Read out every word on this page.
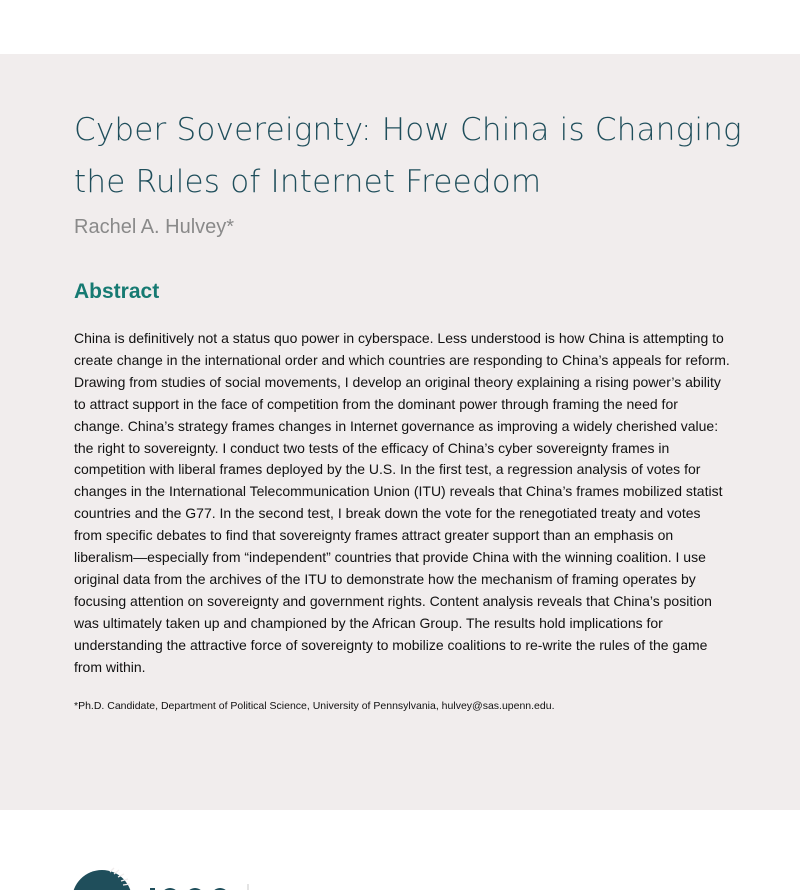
Cyber Sovereignty: How China is Changing the Rules of Internet Freedom

Rachel A. Hulvey*

Abstract

China is definitively not a status quo power in cyberspace. Less understood is how China is attempting to create change in the international order and which countries are responding to China’s appeals for reform. Drawing from studies of social movements, I develop an original theory explaining a rising power’s ability to attract support in the face of competition from the dominant power through framing the need for change. China’s strategy frames changes in Internet governance as improving a widely cherished value: the right to sovereignty. I conduct two tests of the efficacy of China’s cyber sovereignty frames in competition with liberal frames deployed by the U.S. In the first test, a regression analysis of votes for changes in the International Telecommunication Union (ITU) reveals that China’s frames mobilized statist countries and the G77. In the second test, I break down the vote for the renegotiated treaty and votes from specific debates to find that sovereignty frames attract greater support than an emphasis on liberalism—especially from “independent” countries that provide China with the winning coalition. I use original data from the archives of the ITU to demonstrate how the mechanism of framing operates by focusing attention on sovereignty and government rights. Content analysis reveals that China’s position was ultimately taken up and championed by the African Group. The results hold implications for understanding the attractive force of sovereignty to mobilize coalitions to re-write the rules of the game from within.

*Ph.D. Candidate, Department of Political Science, University of Pennsylvania, hulvey@sas.upenn.edu.
